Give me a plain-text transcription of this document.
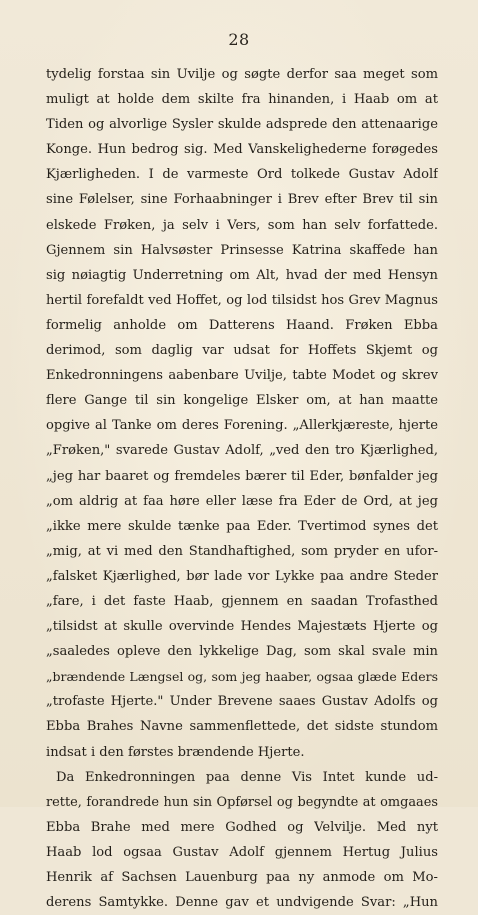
28
tydelig forstaa sin Uvilje og søgte derfor saa meget som
muligt at holde dem skilte fra hinanden, i Haab om at
Tiden og alvorlige Sysler skulde adsprede den attenaarige
Konge. Hun bedrog sig. Med Vanskelighederne forøgedes
Kjærligheden. I de varmeste Ord tolkede Gustav Adolf
sine Følelser, sine Forhaabninger i Brev efter Brev til sin
elskede Frøken, ja selv i Vers, som han selv forfattede.
Gjennem sin Halvsøster Prinsesse Katrina skaffede han
sig nøiagtig Underretning om Alt, hvad der med Hensyn
hertil forefaldt ved Hoffet, og lod tilsidst hos Grev Magnus
formelig anholde om Datterens Haand. Frøken Ebba
derimod, som daglig var udsat for Hoffets Skjemt og
Enkedronningens aabenbare Uvilje, tabte Modet og skrev
flere Gange til sin kongelige Elsker om, at han maatte
opgive al Tanke om deres Forening. „Allerkjæreste, hjerte
„Frøken," svarede Gustav Adolf, „ved den tro Kjærlighed,
„jeg har baaret og fremdeles bærer til Eder, bønfalder jeg
„om aldrig at faa høre eller læse fra Eder de Ord, at jeg
„ikke mere skulde tænke paa Eder. Tvertimod synes det
„mig, at vi med den Standhaftighed, som pryder en ufor-
„falsket Kjærlighed, bør lade vor Lykke paa andre Steder
„fare, i det faste Haab, gjennem en saadan Trofasthed
„tilsidst at skulle overvinde Hendes Majestæts Hjerte og
„saaledes opleve den lykkelige Dag, som skal svale min
„brændende Længsel og, som jeg haaber, ogsaa glæde Eders
„trofaste Hjerte." Under Brevene saaes Gustav Adolfs og
Ebba Brahes Navne sammenflettede, det sidste stundom
indsat i den førstes brændende Hjerte.
Da Enkedronningen paa denne Vis Intet kunde ud-
rette, forandrede hun sin Opførsel og begyndte at omgaaes
Ebba Brahe med mere Godhed og Velvilje. Med nyt
Haab lod ogsaa Gustav Adolf gjennem Hertug Julius
Henrik af Sachsen Lauenburg paa ny anmode om Mo-
derens Samtykke. Denne gav et undvigende Svar: „Hun
